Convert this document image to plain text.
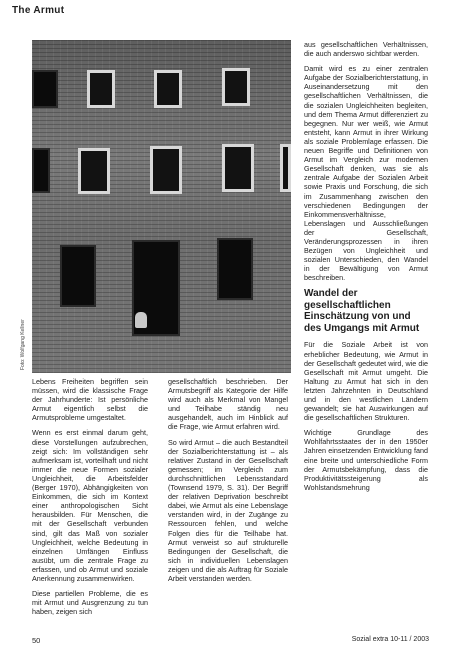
The Armut
Foto: Wolfgang Kellner

Lebens Freiheiten begriffen sein müssen, wird die klassische Frage der Jahrhunderte: Ist persönliche Armut eigentlich selbst die Armutsprobleme umgestaltet.

Wenn es erst einmal darum geht, diese Vorstellungen aufzubrechen, zeigt sich: Im vollständigen sehr aufmerksam ist, vorteilhaft und nicht immer die neue Formen sozialer Ungleichheit, die Arbeitsfelder (Berger 1970), Abhängigkeiten von Einkommen, die sich im Kontext einer anthropologischen Sicht herausbilden. Für Menschen, die mit der Gesellschaft verbunden sind, gilt das Maß von sozialer Ungleichheit, welche Bedeutung in einzelnen Umfängen Einfluss ausübt, um die zentrale Frage zu erfassen, und ob Armut und soziale Anerkennung zusammenwirken.

Diese partiellen Probleme, die es mit Armut und Ausgrenzung zu tun haben, zeigen sich

gesellschaftlich beschrieben. Der Armutsbegriff als Kategorie der Hilfe wird auch als Merkmal von Mangel und Teilhabe ständig neu ausgehandelt, auch im Hinblick auf die Frage, wie Armut erfahren wird.

So wird Armut – die auch Bestandteil der Sozialberichterstattung ist – als relativer Zustand in der Gesellschaft gemessen; im Vergleich zum durchschnittlichen Lebensstandard (Townsend 1979, S. 31). Der Begriff der relativen Deprivation beschreibt dabei, wie Armut als eine Lebenslage verstanden wird, in der Zugänge zu Ressourcen fehlen, und welche Folgen dies für die Teilhabe hat. Armut verweist so auf strukturelle Bedingungen der Gesellschaft, die sich in individuellen Lebenslagen zeigen und die als Auftrag für Soziale Arbeit verstanden werden.

aus gesellschaftlichen Verhältnissen, die auch anderswo sichtbar werden.

Damit wird es zu einer zentralen Aufgabe der Sozialberichterstattung, in Auseinandersetzung mit den gesellschaftlichen Verhältnissen, die die sozialen Ungleichheiten begleiten, und dem Thema Armut differenziert zu begegnen. Nur wer weiß, wie Armut entsteht, kann Armut in ihrer Wirkung als soziale Problemlage erfassen. Die neuen Begriffe und Definitionen von Armut im Vergleich zur modernen Gesellschaft denken, was sie als zentrale Aufgabe der Sozialen Arbeit sowie Praxis und Forschung, die sich im Zusammenhang zwischen den verschiedenen Bedingungen der Einkommensverhältnisse, Lebenslagen und Ausschließungen der Gesellschaft, Veränderungsprozessen in ihren Bezügen von Ungleichheit und sozialen Unterschieden, den Wandel in der Bewältigung von Armut beschreiben.

Wandel der gesellschaftlichen Einschätzung von und des Umgangs mit Armut

Für die Soziale Arbeit ist von erheblicher Bedeutung, wie Armut in der Gesellschaft gedeutet wird, wie die Gesellschaft mit Armut umgeht. Die Haltung zu Armut hat sich in den letzten Jahrzehnten in Deutschland und in den westlichen Ländern gewandelt; sie hat Auswirkungen auf die gesellschaftlichen Strukturen.

Wichtige Grundlage des Wohlfahrtsstaates der in den 1950er Jahren einsetzenden Entwicklung fand eine breite und unterschiedliche Form der Armutsbekämpfung, dass die Produktivitätssteigerung als Wohlstandsmehrung

50	Sozial extra 10-11 / 2003
